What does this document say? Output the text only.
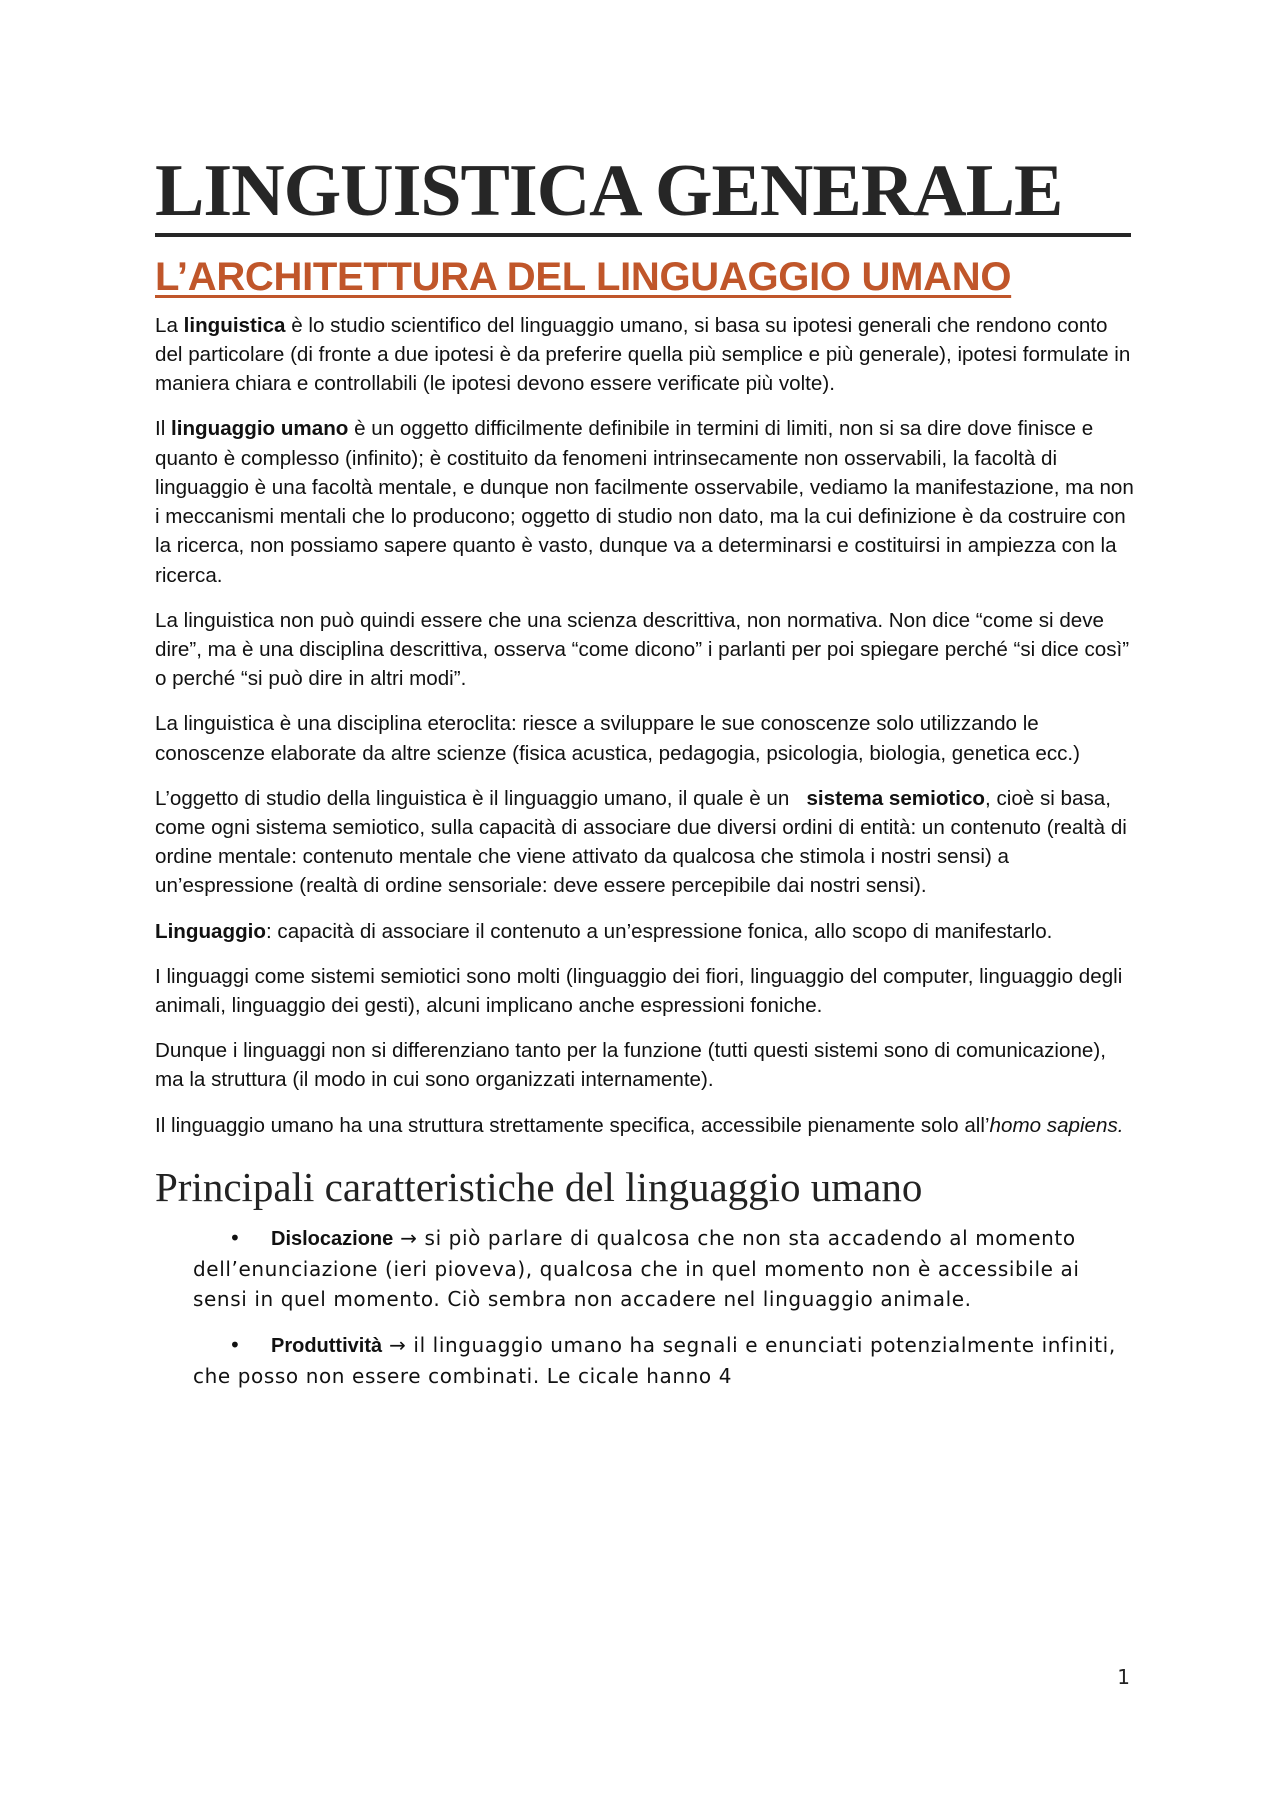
LINGUISTICA GENERALE
L’ARCHITETTURA DEL LINGUAGGIO UMANO

La linguistica è lo studio scientifico del linguaggio umano, si basa su ipotesi generali che rendono conto del particolare (di fronte a due ipotesi è da preferire quella più semplice e più generale), ipotesi formulate in maniera chiara e controllabili (le ipotesi devono essere verificate più volte).

Il linguaggio umano è un oggetto difficilmente definibile in termini di limiti, non si sa dire dove finisce e quanto è complesso (infinito); è costituito da fenomeni intrinsecamente non osservabili, la facoltà di linguaggio è una facoltà mentale, e dunque non facilmente osservabile, vediamo la manifestazione, ma non i meccanismi mentali che lo producono; oggetto di studio non dato, ma la cui definizione è da costruire con la ricerca, non possiamo sapere quanto è vasto, dunque va a determinarsi e costituirsi in ampiezza con la ricerca.

La linguistica non può quindi essere che una scienza descrittiva, non normativa. Non dice “come si deve dire”, ma è una disciplina descrittiva, osserva “come dicono” i parlanti per poi spiegare perché “si dice così” o perché “si può dire in altri modi”.

La linguistica è una disciplina eteroclita: riesce a sviluppare le sue conoscenze solo utilizzando le conoscenze elaborate da altre scienze (fisica acustica, pedagogia, psicologia, biologia, genetica ecc.)

L’oggetto di studio della linguistica è il linguaggio umano, il quale è un   sistema semiotico, cioè si basa, come ogni sistema semiotico, sulla capacità di associare due diversi ordini di entità: un contenuto (realtà di ordine mentale: contenuto mentale che viene attivato da qualcosa che stimola i nostri sensi) a un’espressione (realtà di ordine sensoriale: deve essere percepibile dai nostri sensi).

Linguaggio: capacità di associare il contenuto a un’espressione fonica, allo scopo di manifestarlo.

I linguaggi come sistemi semiotici sono molti (linguaggio dei fiori, linguaggio del computer, linguaggio degli animali, linguaggio dei gesti), alcuni implicano anche espressioni foniche.

Dunque i linguaggi non si differenziano tanto per la funzione (tutti questi sistemi sono di comunicazione), ma la struttura (il modo in cui sono organizzati internamente).

Il linguaggio umano ha una struttura strettamente specifica, accessibile pienamente solo all’homo sapiens.

Principali caratteristiche del linguaggio umano
• Dislocazione → si piò parlare di qualcosa che non sta accadendo al momento dell’enunciazione (ieri pioveva), qualcosa che in quel momento non è accessibile ai sensi in quel momento. Ciò sembra non accadere nel linguaggio animale.
• Produttività → il linguaggio umano ha segnali e enunciati potenzialmente infiniti, che posso non essere combinati. Le cicale hanno 4
1
